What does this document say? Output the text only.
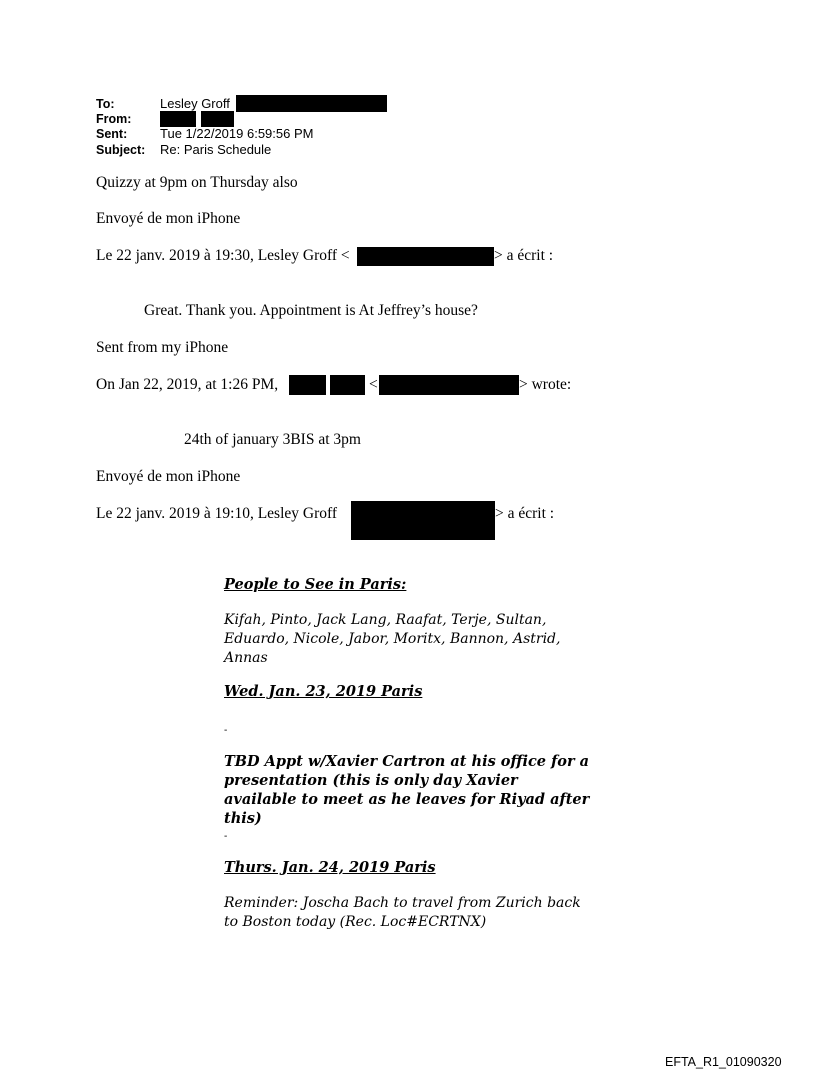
To:	Lesley Groff
From:
Sent:	Tue 1/22/2019 6:59:56 PM
Subject: Re: Paris Schedule
Quizzy at 9pm on Thursday also
Envoyé de mon iPhone
Le 22 janv. 2019 à 19:30, Lesley Groff <	> a écrit :
Great. Thank you. Appointment is At Jeffrey’s house?
Sent from my iPhone
On Jan 22, 2019, at 1:26 PM,	<	> wrote:
24th of january 3BIS at 3pm
Envoyé de mon iPhone
Le 22 janv. 2019 à 19:10, Lesley Groff	> a écrit :
People to See in Paris:
Kifah, Pinto, Jack Lang, Raafat, Terje, Sultan, Eduardo, Nicole, Jabor, Moritx, Bannon, Astrid, Annas
Wed. Jan. 23, 2019 Paris
-
TBD Appt w/Xavier Cartron at his office for a presentation (this is only day Xavier available to meet as he leaves for Riyad after this)
-
Thurs. Jan. 24, 2019 Paris
Reminder: Joscha Bach to travel from Zurich back to Boston today (Rec. Loc#ECRTNX)
EFTA_R1_01090320
